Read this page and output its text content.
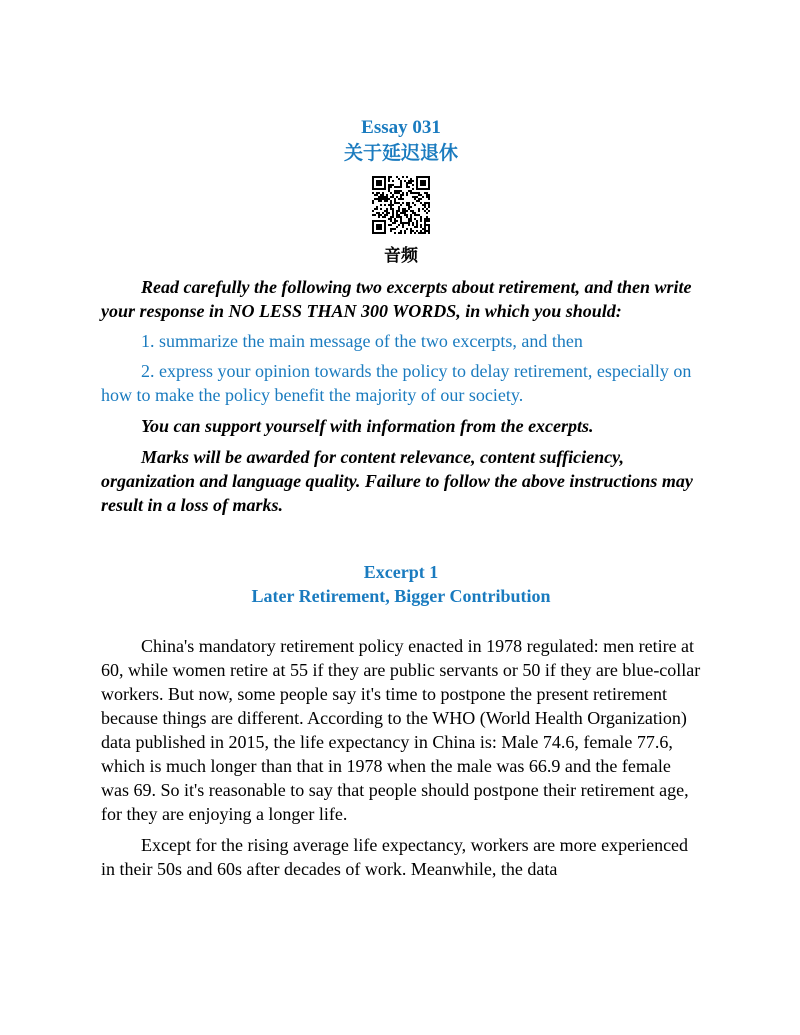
Essay 031
关于延迟退休
音频

Read carefully the following two excerpts about retirement, and then write your response in NO LESS THAN 300 WORDS, in which you should:

1. summarize the main message of the two excerpts, and then

2. express your opinion towards the policy to delay retirement, especially on how to make the policy benefit the majority of our society.

You can support yourself with information from the excerpts.

Marks will be awarded for content relevance, content sufficiency, organization and language quality. Failure to follow the above instructions may result in a loss of marks.

Excerpt 1
Later Retirement, Bigger Contribution

China's mandatory retirement policy enacted in 1978 regulated: men retire at 60, while women retire at 55 if they are public servants or 50 if they are blue-collar workers. But now, some people say it's time to postpone the present retirement because things are different. According to the WHO (World Health Organization) data published in 2015, the life expectancy in China is: Male 74.6, female 77.6, which is much longer than that in 1978 when the male was 66.9 and the female was 69. So it's reasonable to say that people should postpone their retirement age, for they are enjoying a longer life.

Except for the rising average life expectancy, workers are more experienced in their 50s and 60s after decades of work. Meanwhile, the data
